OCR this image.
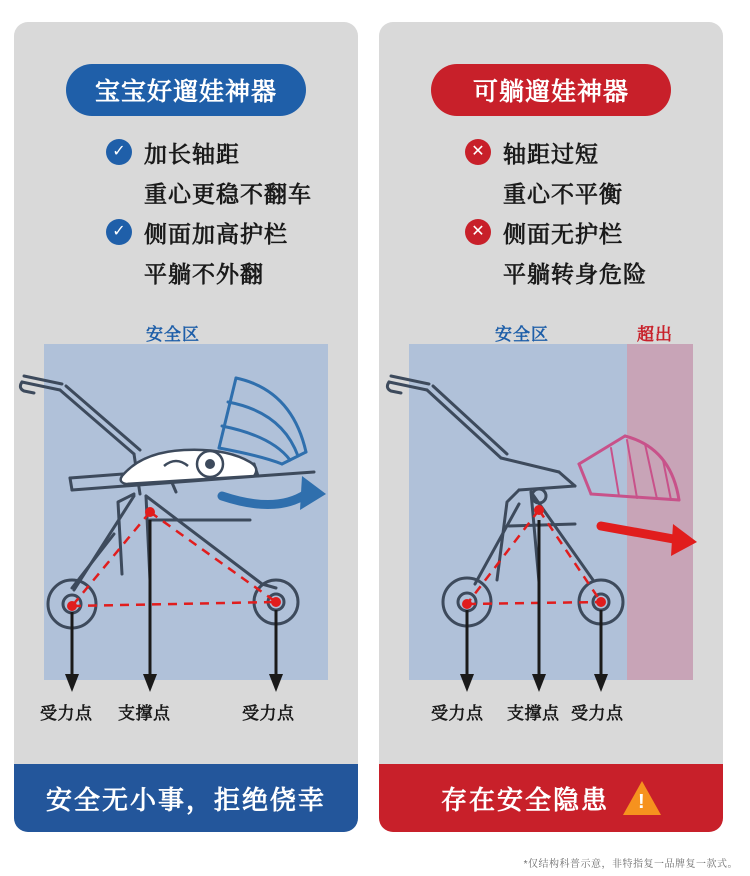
宝宝好遛娃神器
✓ 加长轴距
重心更稳不翻车
✓ 侧面加高护栏
平躺不外翻
安全区
受力点 支撑点	受力点
安全无小事，拒绝侥幸
可躺遛娃神器
✕ 轴距过短
重心不平衡
✕ 侧面无护栏
平躺转身危险
安全区	超出
受力点 支撑点 受力点
存在安全隐患 !
*仅结构科普示意，非特指复一品牌复一款式。
